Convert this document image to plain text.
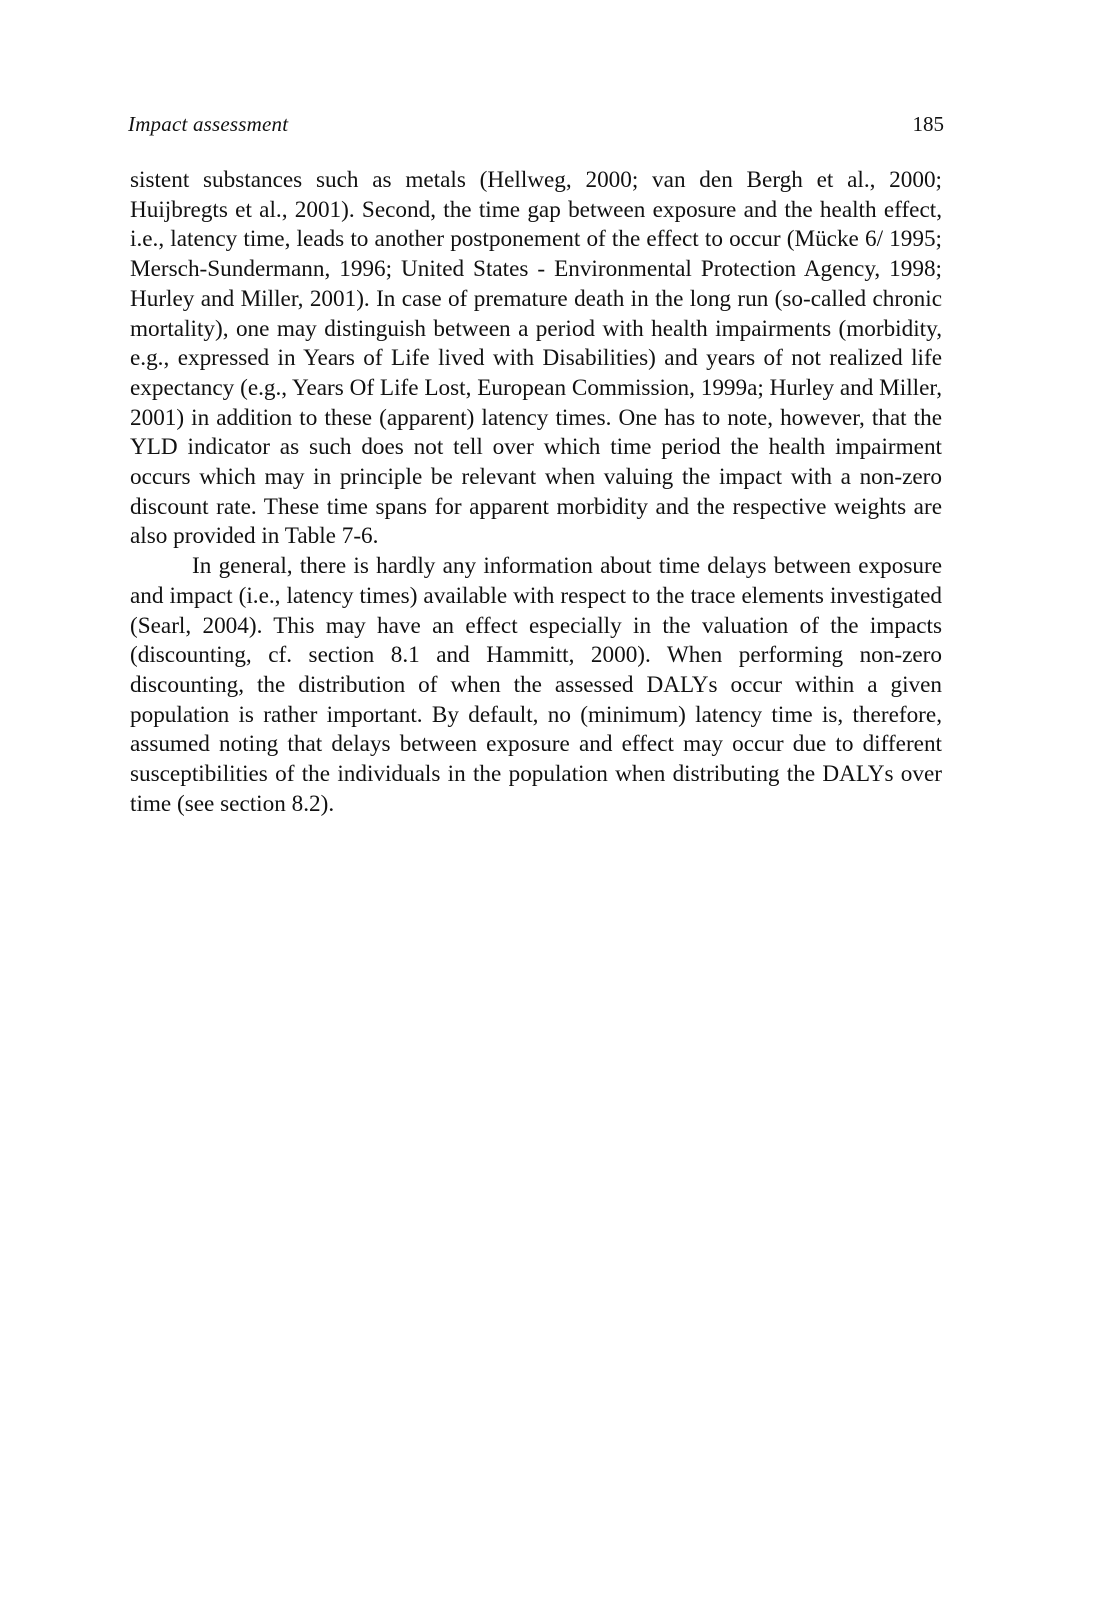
Impact assessment	185

sistent substances such as metals (Hellweg, 2000; van den Bergh et al., 2000; Huijbregts et al., 2001). Second, the time gap between exposure and the health effect, i.e., latency time, leads to another postponement of the effect to occur (Mücke 6/ 1995; Mersch-Sundermann, 1996; United States - Environmental Protection Agency, 1998; Hurley and Miller, 2001). In case of premature death in the long run (so-called chronic mortality), one may distinguish between a period with health impairments (morbidity, e.g., expressed in Years of Life lived with Disabilities) and years of not realized life expectancy (e.g., Years Of Life Lost, European Commission, 1999a; Hurley and Miller, 2001) in addition to these (apparent) latency times. One has to note, however, that the YLD indicator as such does not tell over which time period the health impairment occurs which may in principle be relevant when valuing the impact with a non-zero discount rate. These time spans for apparent morbidity and the respective weights are also provided in Table 7-6.

In general, there is hardly any information about time delays between exposure and impact (i.e., latency times) available with respect to the trace elements investigated (Searl, 2004). This may have an effect especially in the valuation of the impacts (discounting, cf. section 8.1 and Hammitt, 2000). When performing non-zero discounting, the distribution of when the assessed DALYs occur within a given population is rather important. By default, no (minimum) latency time is, therefore, assumed noting that delays between exposure and effect may occur due to different susceptibilities of the individuals in the population when distributing the DALYs over time (see section 8.2).
